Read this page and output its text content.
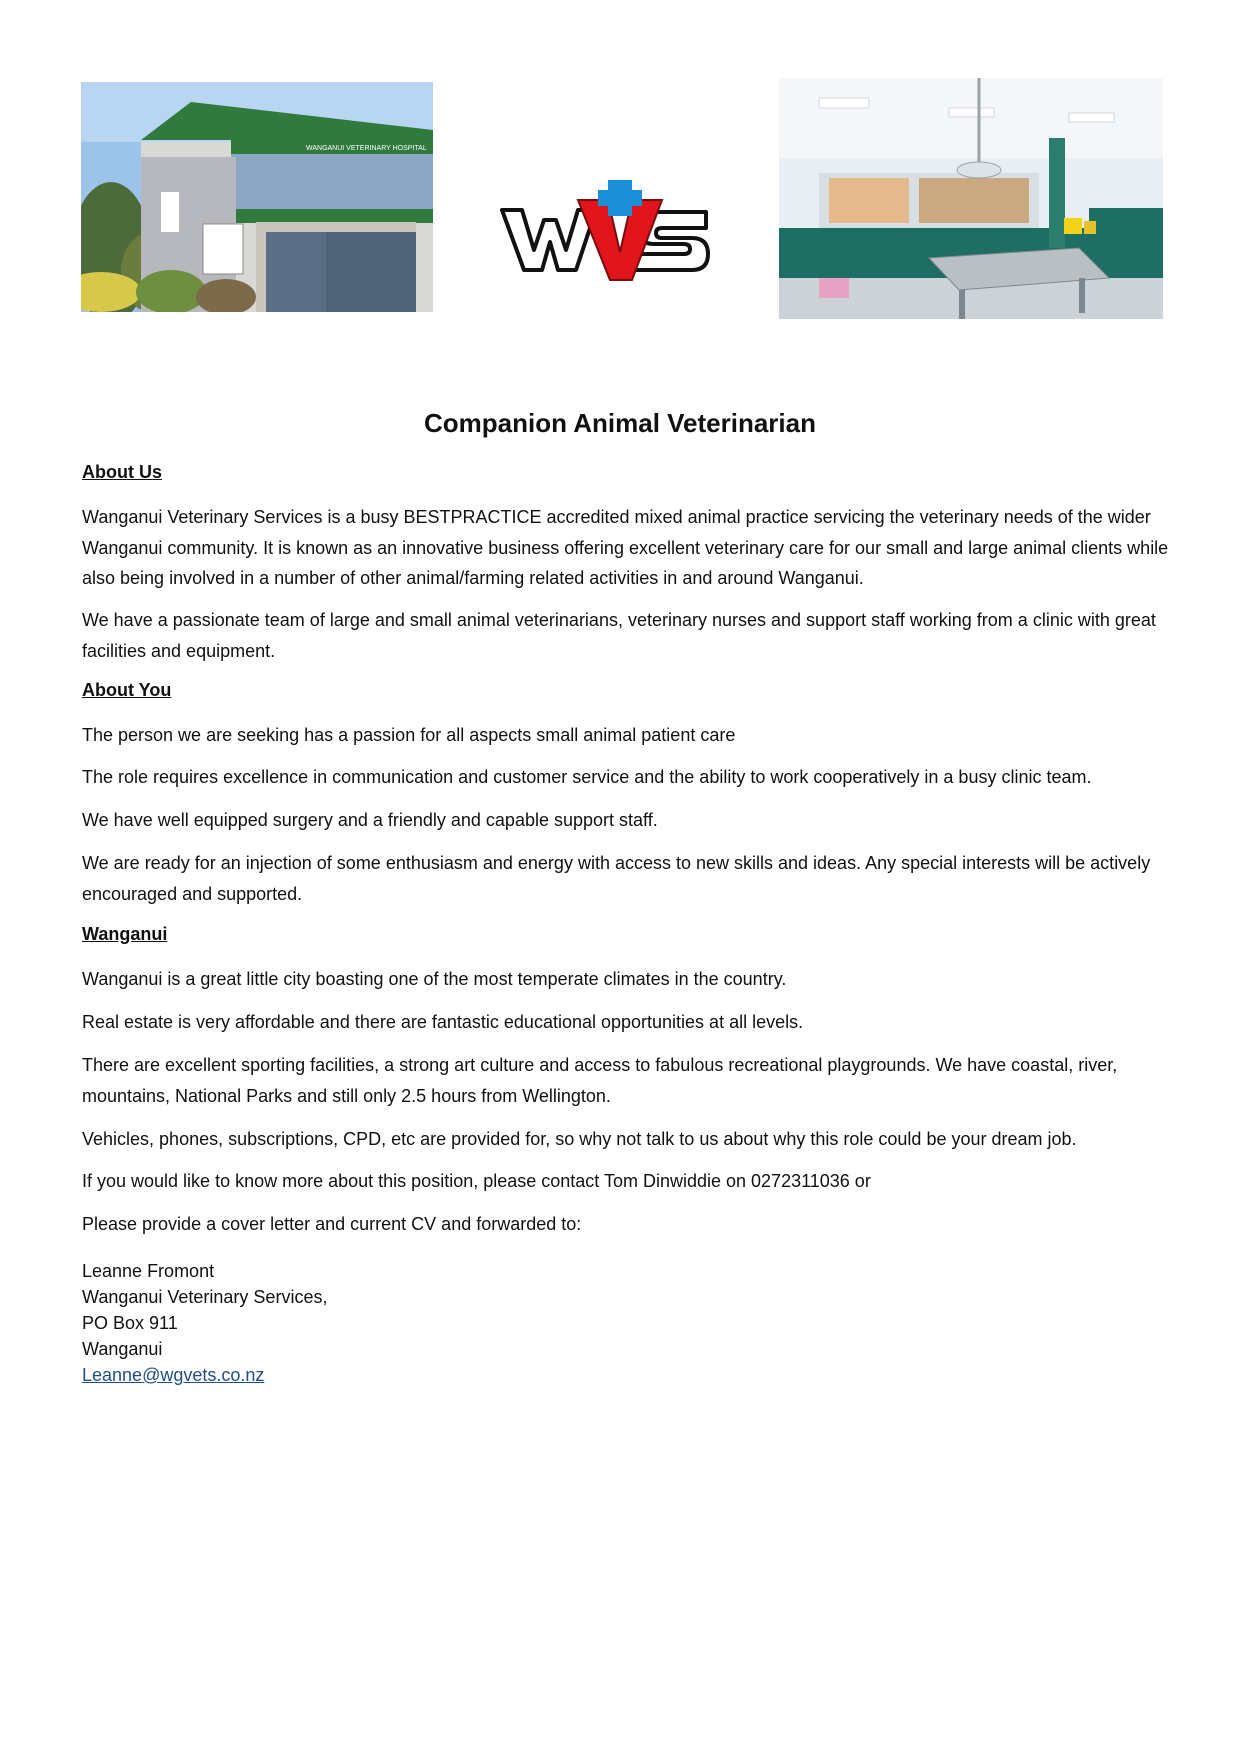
WANGANUI VETERINARY HOSPITAL
WVS
Companion Animal Veterinarian
About Us

Wanganui Veterinary Services is a busy BESTPRACTICE accredited mixed animal practice servicing the veterinary needs of the wider Wanganui community. It is known as an innovative business offering excellent veterinary care for our small and large animal clients while also being involved in a number of other animal/farming related activities in and around Wanganui.

We have a passionate team of large and small animal veterinarians, veterinary nurses and support staff working from a clinic with great facilities and equipment.

About You

The person we are seeking has a passion for all aspects small animal patient care

The role requires excellence in communication and customer service and the ability to work cooperatively in a busy clinic team.

We have well equipped surgery and a friendly and capable support staff.

We are ready for an injection of some enthusiasm and energy with access to new skills and ideas. Any special interests will be actively encouraged and supported.

Wanganui

Wanganui is a great little city boasting one of the most temperate climates in the country.

Real estate is very affordable and there are fantastic educational opportunities at all levels.

There are excellent sporting facilities, a strong art culture and access to fabulous recreational playgrounds. We have coastal, river, mountains, National Parks and still only 2.5 hours from Wellington.

Vehicles, phones, subscriptions, CPD, etc are provided for, so why not talk to us about why this role could be your dream job.

If you would like to know more about this position, please contact Tom Dinwiddie on 0272311036 or

Please provide a cover letter and current CV and forwarded to:

Leanne Fromont
Wanganui Veterinary Services,
PO Box 911
Wanganui
Leanne@wgvets.co.nz
